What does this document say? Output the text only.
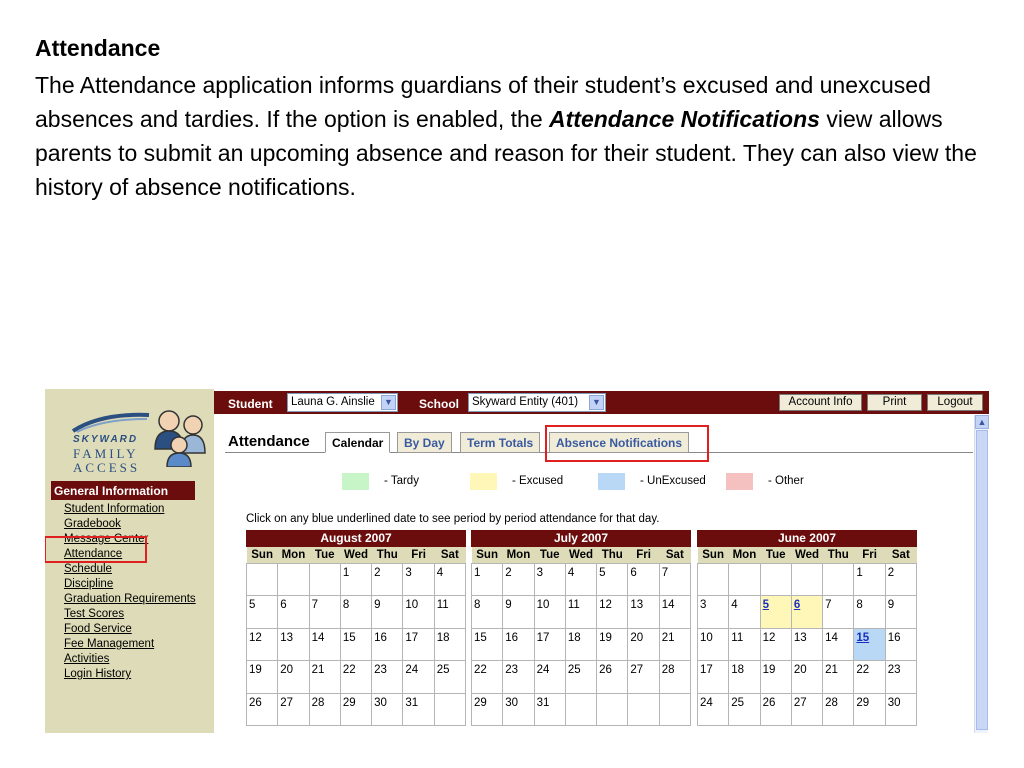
Attendance
The Attendance application informs guardians of their student’s excused and unexcused absences and tardies. If the option is enabled, the Attendance Notifications view allows parents to submit an upcoming absence and reason for their student. They can also view the history of absence notifications.
SKYWARD
FAMILY
ACCESS
General Information
Student Information
Gradebook
Message Center
Attendance
Schedule
Discipline
Graduation Requirements
Test Scores
Food Service
Fee Management
Activities
Login History
Student	Launa G. Ainslie	▼ School	Skyward Entity (401)	▼	Account Info	Print	Logout
Attendance	Calendar	By Day	Term Totals	Absence Notifications
- Tardy	- Excused	- UnExcused	- Other
Click on any blue underlined date to see period by period attendance for that day.
August 2007
Sun	Mon	Tue	Wed	Thu	Fri	Sat
			1	2	3	4
5	6	7	8	9	10	11
12	13	14	15	16	17	18
19	20	21	22	23	24	25
26	27	28	29	30	31	
July 2007
Sun	Mon	Tue	Wed	Thu	Fri	Sat
1	2	3	4	5	6	7
8	9	10	11	12	13	14
15	16	17	18	19	20	21
22	23	24	25	26	27	28
29	30	31				
June 2007
Sun	Mon	Tue	Wed	Thu	Fri	Sat
					1	2
3	4	5	6	7	8	9
10	11	12	13	14	15	16
17	18	19	20	21	22	23
24	25	26	27	28	29	30
▲
